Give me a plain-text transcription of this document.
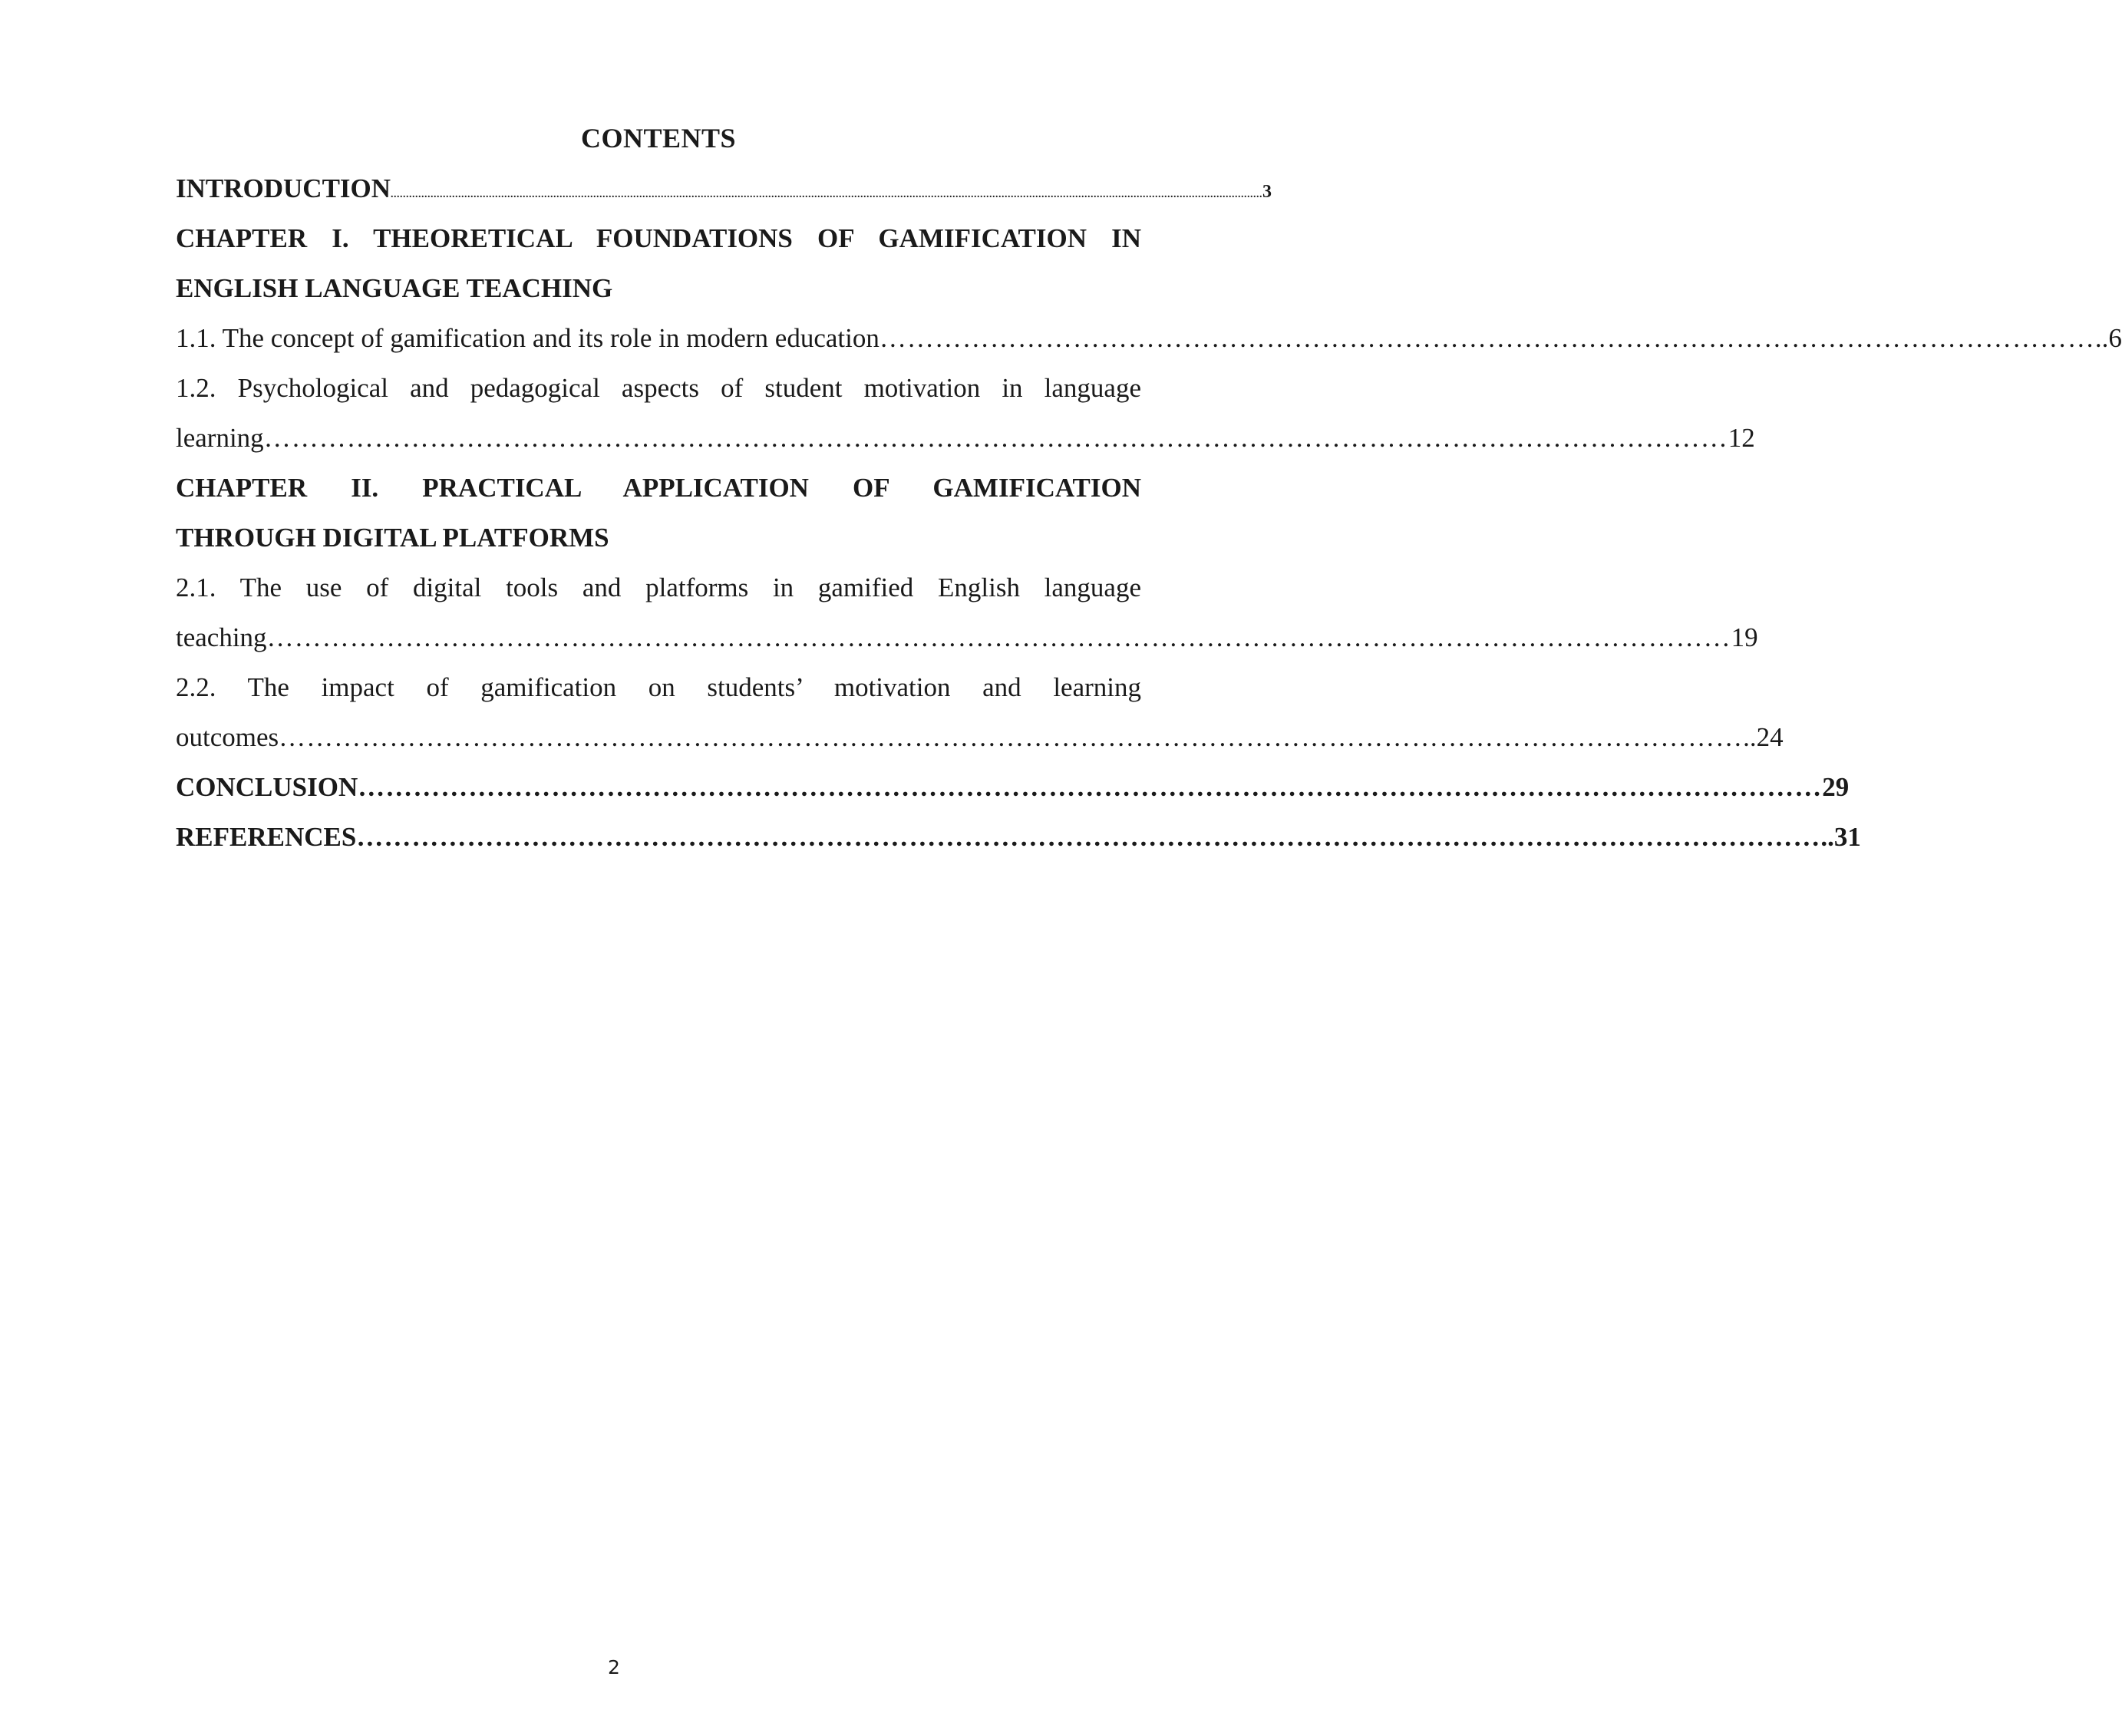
CONTENTS
INTRODUCTION ............................................................................................................................................................................................................................................................................................ 3
CHAPTER I. THEORETICAL FOUNDATIONS OF GAMIFICATION IN
ENGLISH LANGUAGE TEACHING
1.1. The concept of gamification and its role in modern education …………………………………………………………………………………………………………………… ..6
1.2. Psychological and pedagogical aspects of student motivation in language
learning …………………………………………………………………………………………………………………………………………… 12
CHAPTER II. PRACTICAL APPLICATION OF GAMIFICATION
THROUGH DIGITAL PLATFORMS
2.1. The use of digital tools and platforms in gamified English language
teaching …………………………………………………………………………………………………………………………………………… 19
2.2. The impact of gamification on students’ motivation and learning
outcomes …………………………………………………………………………………………………………………………………………… ..24
CONCLUSION …………………………………………………………………………………………………………………………………………… 29
REFERENCES …………………………………………………………………………………………………………………………………………… ..31
2
